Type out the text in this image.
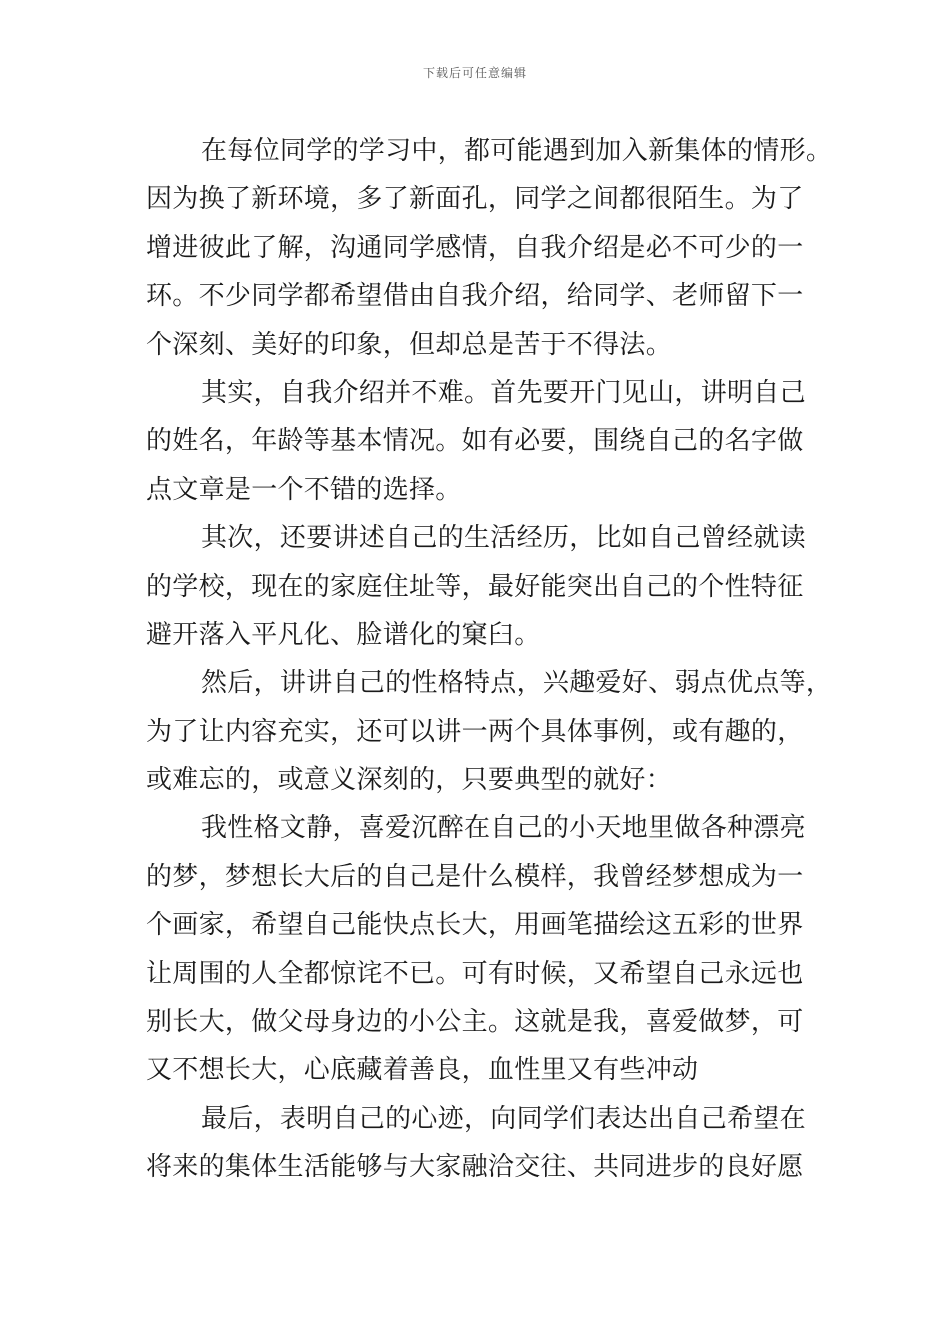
下载后可任意编辑
在每位同学的学习中，都可能遇到加入新集体的情形。
因为换了新环境，多了新面孔，同学之间都很陌生。为了
增进彼此了解，沟通同学感情，自我介绍是必不可少的一
环。不少同学都希望借由自我介绍，给同学、老师留下一
个深刻、美好的印象，但却总是苦于不得法。
其实，自我介绍并不难。首先要开门见山，讲明自己
的姓名，年龄等基本情况。如有必要，围绕自己的名字做
点文章是一个不错的选择。
其次，还要讲述自己的生活经历，比如自己曾经就读
的学校，现在的家庭住址等，最好能突出自己的个性特征
避开落入平凡化、脸谱化的窠臼。
然后，讲讲自己的性格特点，兴趣爱好、弱点优点等，
为了让内容充实，还可以讲一两个具体事例，或有趣的，
或难忘的，或意义深刻的，只要典型的就好：
我性格文静，喜爱沉醉在自己的小天地里做各种漂亮
的梦，梦想长大后的自己是什么模样，我曾经梦想成为一
个画家，希望自己能快点长大，用画笔描绘这五彩的世界
让周围的人全都惊诧不已。可有时候，又希望自己永远也
别长大，做父母身边的小公主。这就是我，喜爱做梦，可
又不想长大，心底藏着善良，血性里又有些冲动
最后，表明自己的心迹，向同学们表达出自己希望在
将来的集体生活能够与大家融洽交往、共同进步的良好愿
